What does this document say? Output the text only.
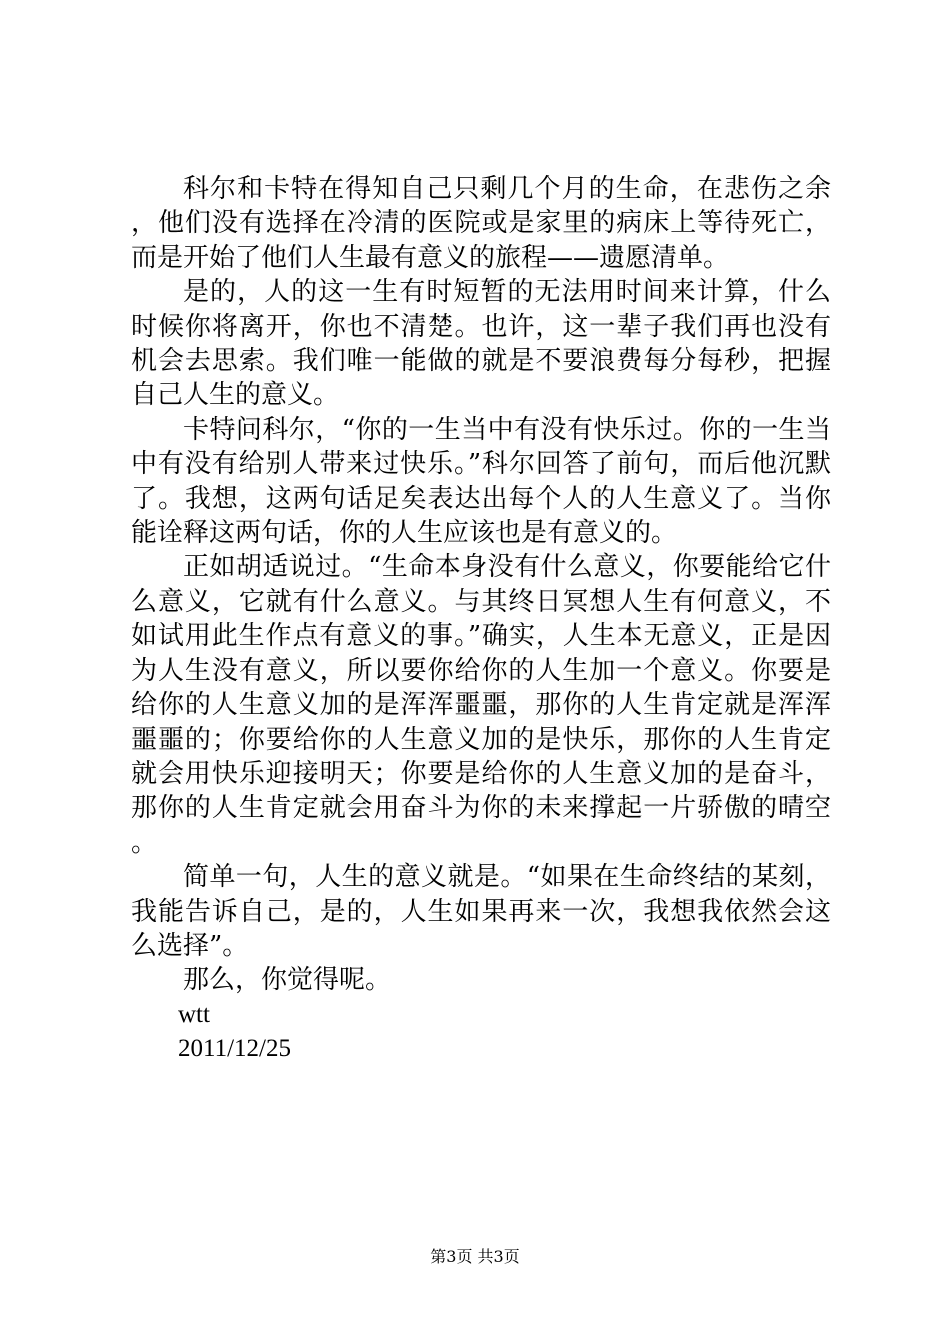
科尔和卡特在得知自己只剩几个月的生命，在悲伤之余，他们没有选择在冷清的医院或是家里的病床上等待死亡，而是开始了他们人生最有意义的旅程——遗愿清单。

是的，人的这一生有时短暂的无法用时间来计算，什么时候你将离开，你也不清楚。也许，这一辈子我们再也没有机会去思索。我们唯一能做的就是不要浪费每分每秒，把握自己人生的意义。

卡特问科尔，“你的一生当中有没有快乐过。你的一生当中有没有给别人带来过快乐。”科尔回答了前句，而后他沉默了。我想，这两句话足矣表达出每个人的人生意义了。当你能诠释这两句话，你的人生应该也是有意义的。

正如胡适说过。“生命本身没有什么意义，你要能给它什么意义，它就有什么意义。与其终日冥想人生有何意义，不如试用此生作点有意义的事。”确实，人生本无意义，正是因为人生没有意义，所以要你给你的人生加一个意义。你要是给你的人生意义加的是浑浑噩噩，那你的人生肯定就是浑浑噩噩的；你要给你的人生意义加的是快乐，那你的人生肯定就会用快乐迎接明天；你要是给你的人生意义加的是奋斗，那你的人生肯定就会用奋斗为你的未来撑起一片骄傲的晴空。

简单一句，人生的意义就是。“如果在生命终结的某刻，我能告诉自己，是的，人生如果再来一次，我想我依然会这么选择”。

那么，你觉得呢。

wtt

2011/12/25

第3页 共3页
